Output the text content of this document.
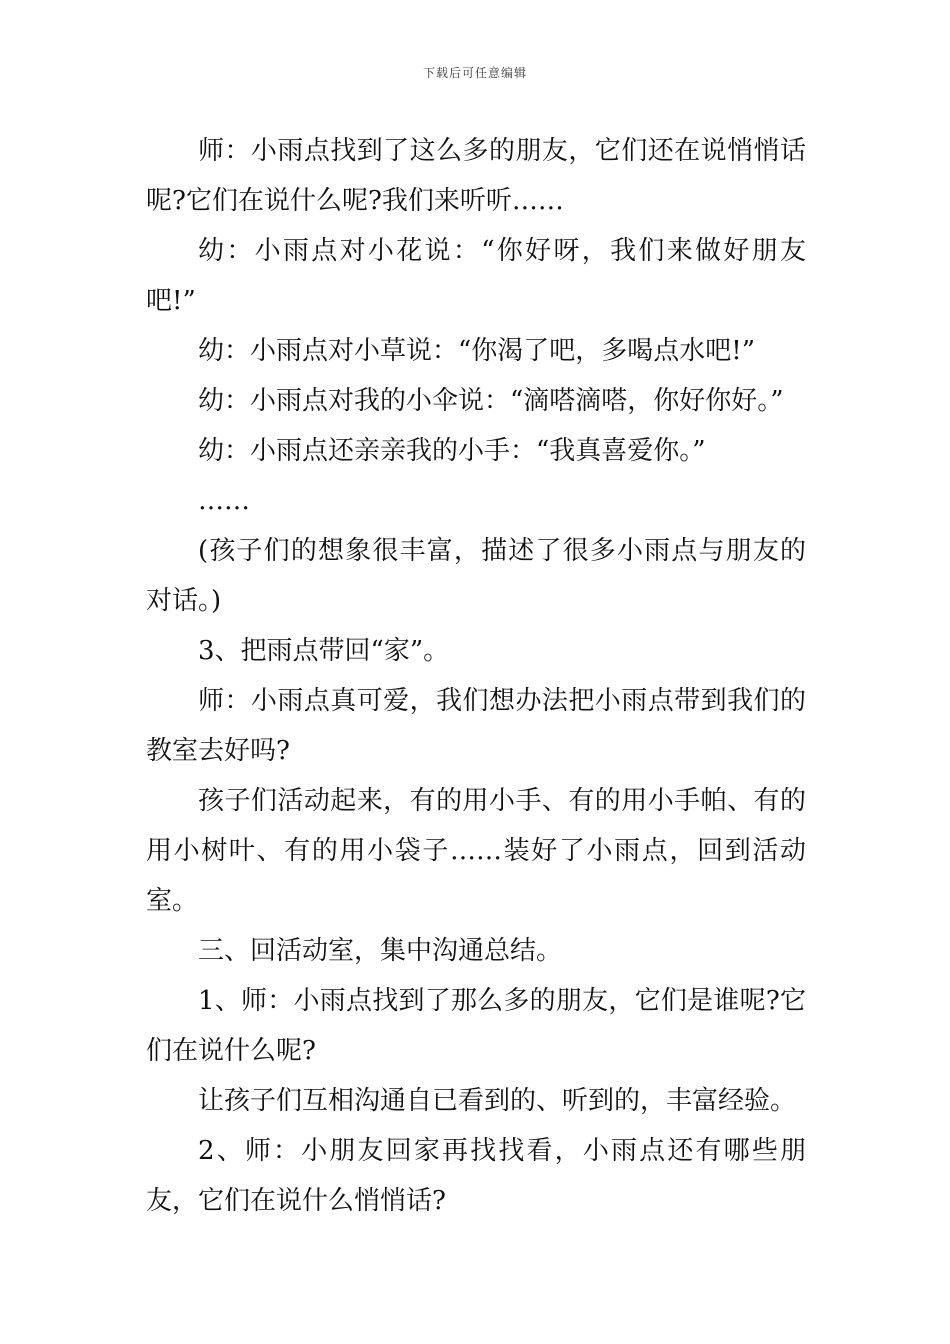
下载后可任意编辑

师：小雨点找到了这么多的朋友，它们还在说悄悄话呢?它们在说什么呢?我们来听听……

幼：小雨点对小花说：“你好呀，我们来做好朋友吧!”

幼：小雨点对小草说：“你渴了吧，多喝点水吧!”

幼：小雨点对我的小伞说：“滴嗒滴嗒，你好你好。”

幼：小雨点还亲亲我的小手：“我真喜爱你。”

……

(孩子们的想象很丰富，描述了很多小雨点与朋友的对话。)

3、把雨点带回“家”。

师：小雨点真可爱，我们想办法把小雨点带到我们的教室去好吗?

孩子们活动起来，有的用小手、有的用小手帕、有的用小树叶、有的用小袋子……装好了小雨点，回到活动室。

三、回活动室，集中沟通总结。

1、师：小雨点找到了那么多的朋友，它们是谁呢?它们在说什么呢?

让孩子们互相沟通自已看到的、听到的，丰富经验。

2、师：小朋友回家再找找看，小雨点还有哪些朋友，它们在说什么悄悄话?
